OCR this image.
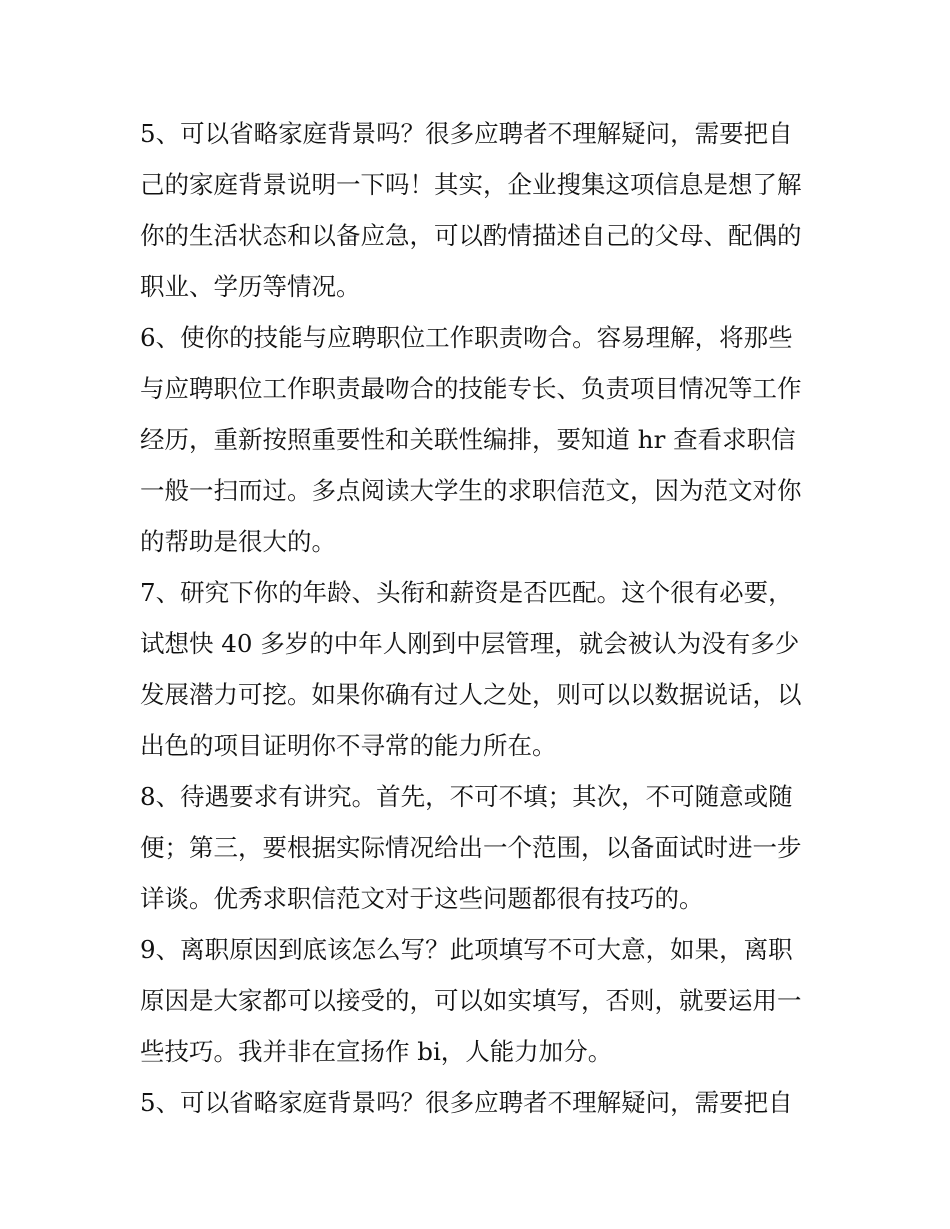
5、可以省略家庭背景吗？很多应聘者不理解疑问，需要把自
己的家庭背景说明一下吗！其实，企业搜集这项信息是想了解
你的生活状态和以备应急，可以酌情描述自己的父母、配偶的
职业、学历等情况。

6、使你的技能与应聘职位工作职责吻合。容易理解，将那些
与应聘职位工作职责最吻合的技能专长、负责项目情况等工作
经历，重新按照重要性和关联性编排，要知道 hr 查看求职信
一般一扫而过。多点阅读大学生的求职信范文，因为范文对你
的帮助是很大的。

7、研究下你的年龄、头衔和薪资是否匹配。这个很有必要，
试想快 40 多岁的中年人刚到中层管理，就会被认为没有多少
发展潜力可挖。如果你确有过人之处，则可以以数据说话，以
出色的项目证明你不寻常的能力所在。

8、待遇要求有讲究。首先，不可不填；其次，不可随意或随
便；第三，要根据实际情况给出一个范围，以备面试时进一步
详谈。优秀求职信范文对于这些问题都很有技巧的。

9、离职原因到底该怎么写？此项填写不可大意，如果，离职
原因是大家都可以接受的，可以如实填写，否则，就要运用一
些技巧。我并非在宣扬作 bi，人能力加分。

5、可以省略家庭背景吗？很多应聘者不理解疑问，需要把自
